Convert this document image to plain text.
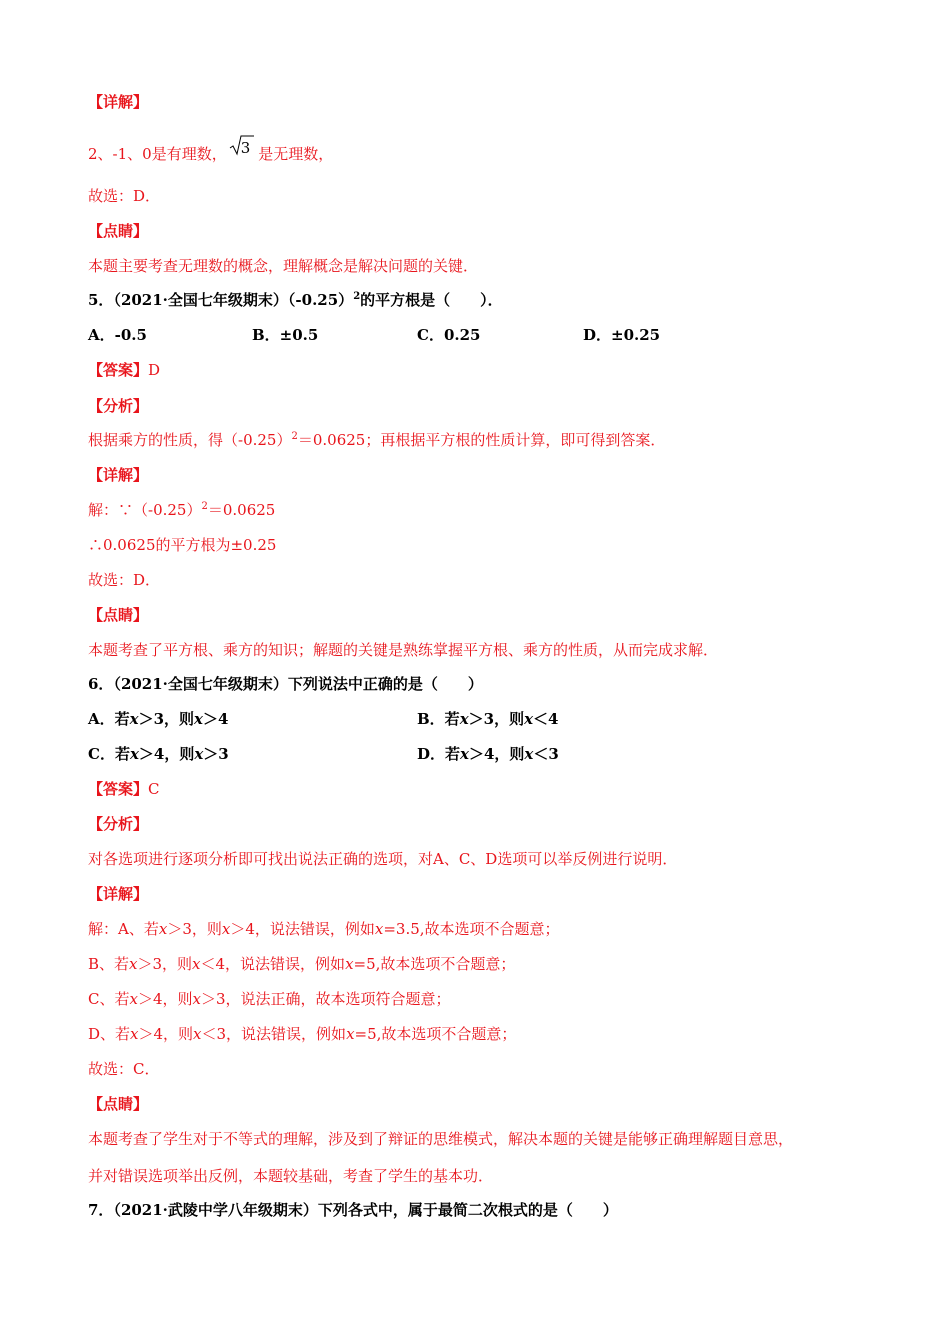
【详解】
2、-1、0是有理数， 3 是无理数，
故选：D．
【点睛】
本题主要考查无理数的概念，理解概念是解决问题的关键．
5．（2021·全国七年级期末）$(-0.25)^2$的平方根是（　　）．
A．-0.5	B．±0.5	C．0.25	D．±0.25
【答案】D
【分析】
根据乘方的性质，得$(-0.25)^2=0.0625$；再根据平方根的性质计算，即可得到答案．
【详解】
解：$\because(-0.25)^2=0.0625$
∴0.0625的平方根为±0.25
故选：D．
【点睛】
本题考查了平方根、乘方的知识；解题的关键是熟练掌握平方根、乘方的性质，从而完成求解．
6．（2021·全国七年级期末）下列说法中正确的是（　　）
A．若x＞3，则x＞4	B．若x＞3，则x＜4
C．若x＞4，则x＞3	D．若x＞4，则x＜3
【答案】C
【分析】
对各选项进行逐项分析即可找出说法正确的选项，对A、C、D选项可以举反例进行说明．
【详解】
解：A、若x＞3，则x＞4，说法错误，例如x=3.5,故本选项不合题意；
B、若x＞3，则x＜4，说法错误，例如x=5,故本选项不合题意；
C、若x＞4，则x＞3，说法正确，故本选项符合题意；
D、若x＞4，则x＜3，说法错误，例如x=5,故本选项不合题意；
故选：C．
【点睛】
本题考查了学生对于不等式的理解，涉及到了辩证的思维模式，解决本题的关键是能够正确理解题目意思，
并对错误选项举出反例，本题较基础，考查了学生的基本功．
7．（2021·武陵中学八年级期末）下列各式中，属于最简二次根式的是（　　）
